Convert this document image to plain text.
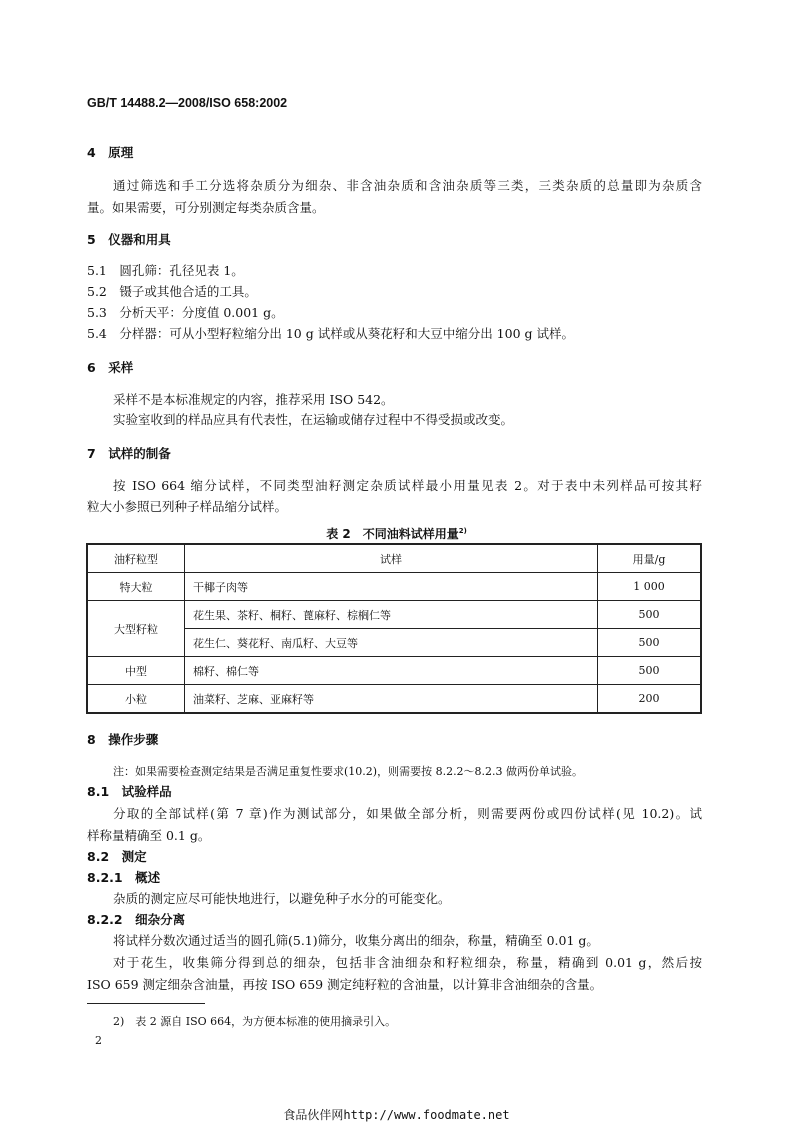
GB/T 14488.2—2008/ISO 658:2002
4　原理
通过筛选和手工分选将杂质分为细杂、非含油杂质和含油杂质等三类，三类杂质的总量即为杂质含
量。如果需要，可分别测定每类杂质含量。
5　仪器和用具
5.1　圆孔筛：孔径见表 1。
5.2　镊子或其他合适的工具。
5.3　分析天平：分度值 0.001 g。
5.4　分样器：可从小型籽粒缩分出 10 g 试样或从葵花籽和大豆中缩分出 100 g 试样。
6　采样
采样不是本标准规定的内容，推荐采用 ISO 542。
实验室收到的样品应具有代表性，在运输或储存过程中不得受损或改变。
7　试样的制备
按 ISO 664 缩分试样，不同类型油籽测定杂质试样最小用量见表 2。对于表中未列样品可按其籽
粒大小参照已列种子样品缩分试样。
表 2　不同油料试样用量$^{2)}$
油籽粒型	试样	用量/g
特大粒	干椰子肉等	1 000
大型籽粒	花生果、茶籽、桐籽、蓖麻籽、棕榈仁等	500
	花生仁、葵花籽、南瓜籽、大豆等	500
中型	棉籽、棉仁等	500
小粒	油菜籽、芝麻、亚麻籽等	200
8　操作步骤
注：如果需要检查测定结果是否满足重复性要求(10.2)，则需要按 8.2.2～8.2.3 做两份单试验。
8.1　试验样品
分取的全部试样(第 7 章)作为测试部分，如果做全部分析，则需要两份或四份试样(见 10.2)。试
样称量精确至 0.1 g。
8.2　测定
8.2.1　概述
杂质的测定应尽可能快地进行，以避免种子水分的可能变化。
8.2.2　细杂分离
将试样分数次通过适当的圆孔筛(5.1)筛分，收集分离出的细杂，称量，精确至 0.01 g。
对于花生，收集筛分得到总的细杂，包括非含油细杂和籽粒细杂，称量，精确到 0.01 g，然后按
ISO 659 测定细杂含油量，再按 ISO 659 测定纯籽粒的含油量，以计算非含油细杂的含量。
2)　表 2 源自 ISO 664，为方便本标准的使用摘录引入。
2
食品伙伴网http://www.foodmate.net
